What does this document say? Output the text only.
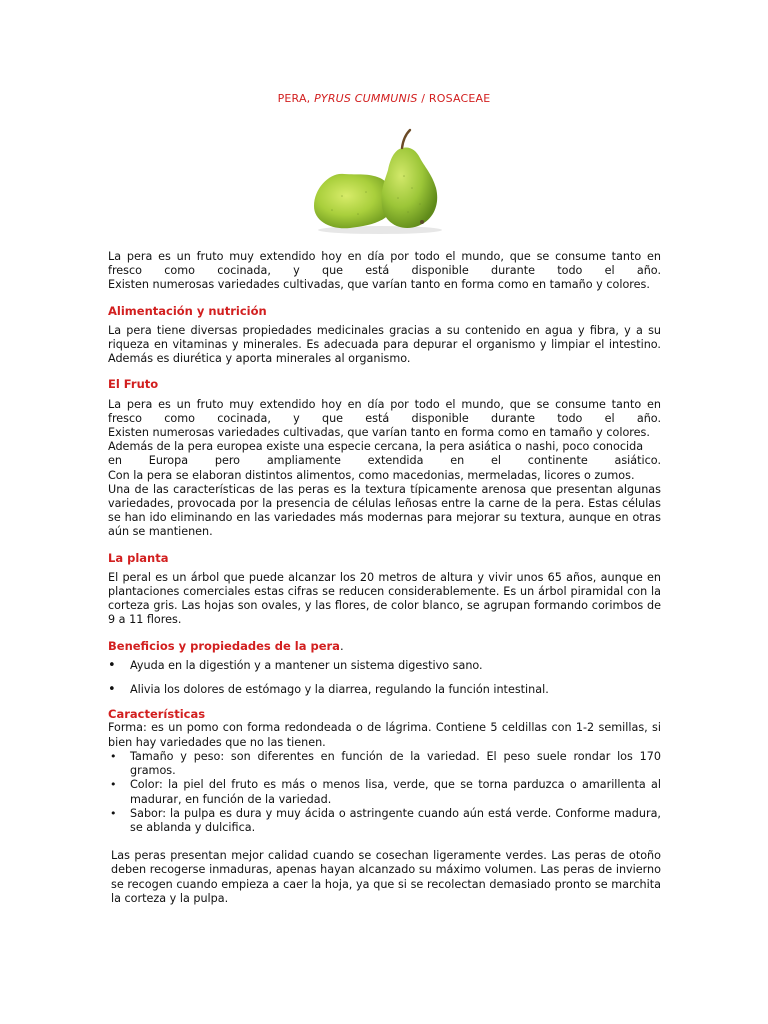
PERA, PYRUS CUMMUNIS / ROSACEAE

La pera es un fruto muy extendido hoy en día por todo el mundo, que se consume tanto en

fresco como cocinada, y que está disponible durante todo el año.

Existen numerosas variedades cultivadas, que varían tanto en forma como en tamaño y colores.

Alimentación y nutrición

La pera tiene diversas propiedades medicinales gracias a su contenido en agua y fibra, y a su riqueza en vitaminas y minerales. Es adecuada para depurar el organismo y limpiar el intestino. Además es diurética y aporta minerales al organismo.

El Fruto

La pera es un fruto muy extendido hoy en día por todo el mundo, que se consume tanto en

fresco como cocinada, y que está disponible durante todo el año.

Existen numerosas variedades cultivadas, que varían tanto en forma como en tamaño y colores.

Además de la pera europea existe una especie cercana, la pera asiática o nashi, poco conocida

en Europa pero ampliamente extendida en el continente asiático.

Con la pera se elaboran distintos alimentos, como macedonias, mermeladas, licores o zumos.

Una de las características de las peras es la textura típicamente arenosa que presentan algunas variedades, provocada por la presencia de células leñosas entre la carne de la pera. Estas células se han ido eliminando en las variedades más modernas para mejorar su textura, aunque en otras aún se mantienen.

La planta

El peral es un árbol que puede alcanzar los 20 metros de altura y vivir unos 65 años, aunque en plantaciones comerciales estas cifras se reducen considerablemente. Es un árbol piramidal con la corteza gris. Las hojas son ovales, y las flores, de color blanco, se agrupan formando corimbos de 9 a 11 flores.

Beneficios y propiedades de la pera.
• Ayuda en la digestión y a mantener un sistema digestivo sano.
• Alivia los dolores de estómago y la diarrea, regulando la función intestinal.
Características

Forma: es un pomo con forma redondeada o de lágrima. Contiene 5 celdillas con 1-2 semillas, si bien hay variedades que no las tienen.

• Tamaño y peso: son diferentes en función de la variedad. El peso suele rondar los 170 gramos.
• Color: la piel del fruto es más o menos lisa, verde, que se torna parduzca o amarillenta al madurar, en función de la variedad.
• Sabor: la pulpa es dura y muy ácida o astringente cuando aún está verde. Conforme madura, se ablanda y dulcifica.

Las peras presentan mejor calidad cuando se cosechan ligeramente verdes. Las peras de otoño deben recogerse inmaduras, apenas hayan alcanzado su máximo volumen. Las peras de invierno se recogen cuando empieza a caer la hoja, ya que si se recolectan demasiado pronto se marchita la corteza y la pulpa.
